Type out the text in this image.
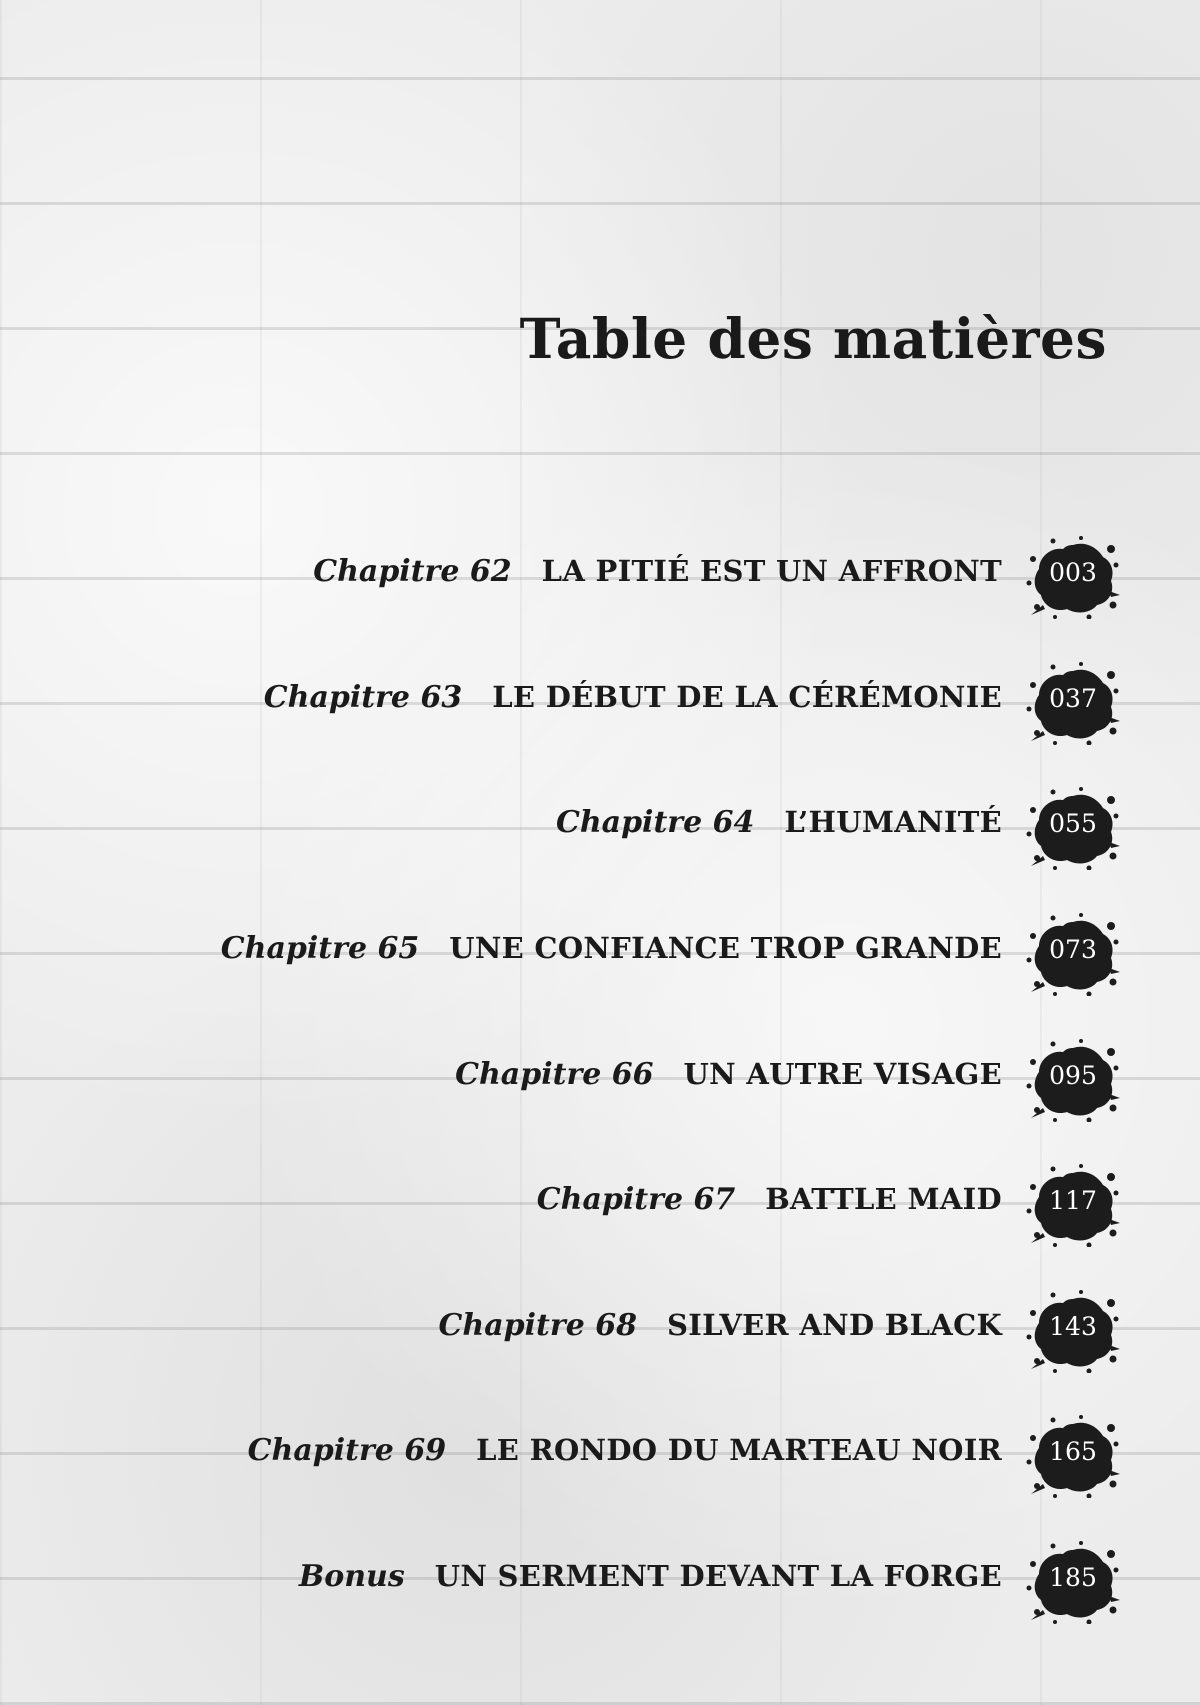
Table des matières
Chapitre 62 LA PITIÉ EST UN AFFRONT	003
Chapitre 63 LE DÉBUT DE LA CÉRÉMONIE	037
Chapitre 64 L’HUMANITÉ	055
Chapitre 65 UNE CONFIANCE TROP GRANDE	073
Chapitre 66 UN AUTRE VISAGE	095
Chapitre 67 BATTLE MAID	117
Chapitre 68 SILVER AND BLACK	143
Chapitre 69 LE RONDO DU MARTEAU NOIR	165
Bonus UN SERMENT DEVANT LA FORGE	185
